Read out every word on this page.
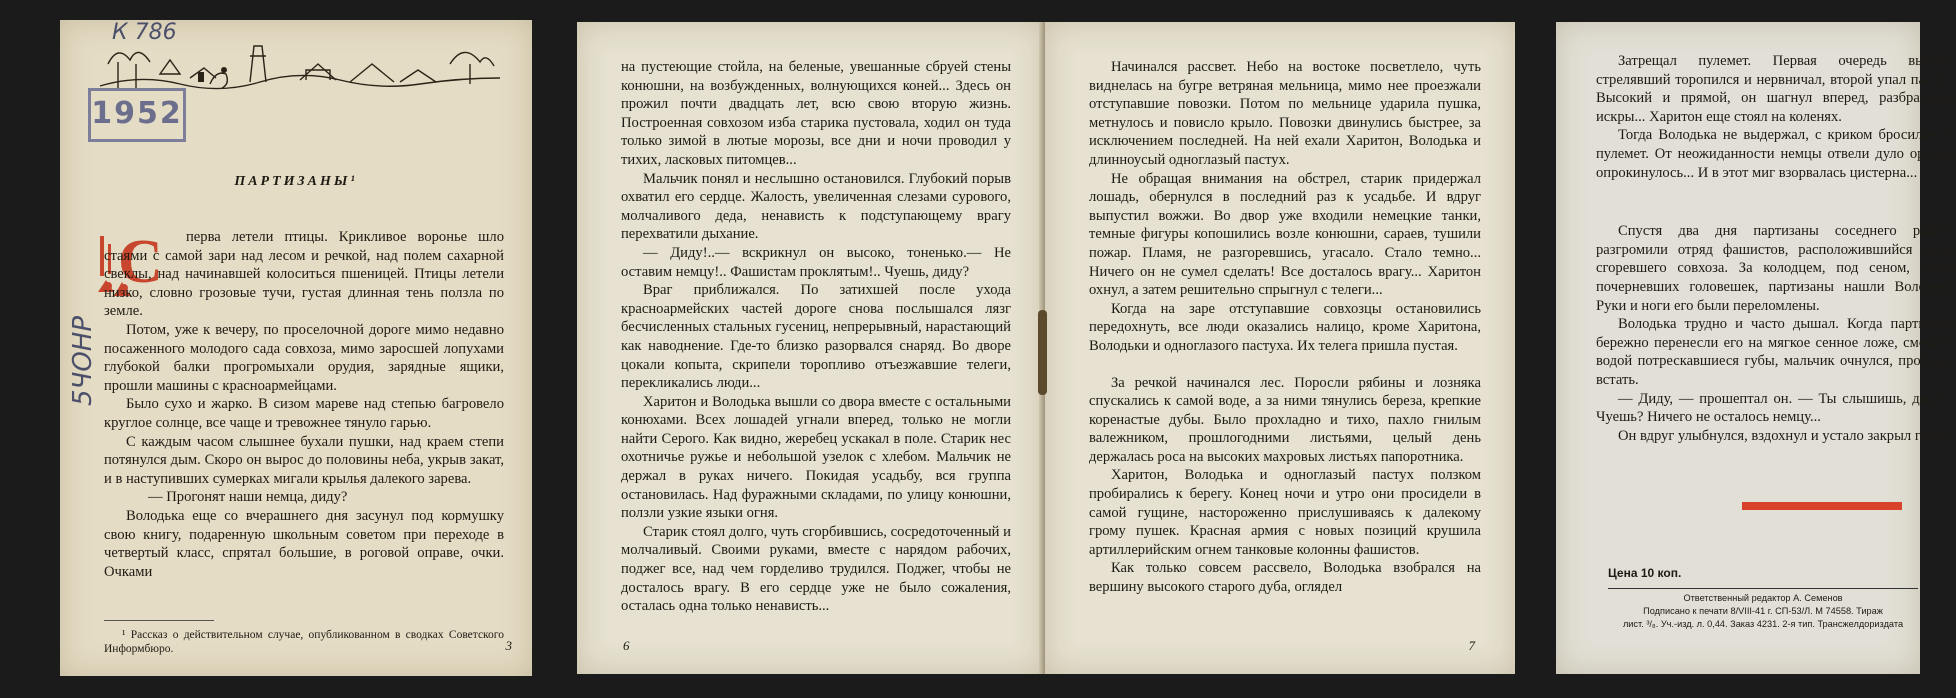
К 786
1952
ПАРТИЗАНЫ¹
С
5ЧОНР

перва летели птицы. Крикливое воронье шло стаями с самой зари над лесом и речкой, над полем сахарной свеклы, над начинавшей колоситься пшеницей. Птицы летели низко, словно грозовые тучи, густая длинная тень ползла по земле.

Потом, уже к вечеру, по проселочной дороге мимо недавно посаженного молодого сада совхоза, мимо заросшей лопухами глубокой балки прогромыхали орудия, зарядные ящики, прошли машины с красноармейцами.

Было сухо и жарко. В сизом мареве над степью багровело круглое солнце, все чаще и тревожнее тянуло гарью.

С каждым часом слышнее бухали пушки, над краем степи потянулся дым. Скоро он вырос до половины неба, укрыв закат, и в наступивших сумерках мигали крылья далекого зарева.

— Прогонят наши немца, диду?

Володька еще со вчерашнего дня засунул под кормушку свою книгу, подаренную школьным советом при переходе в четвертый класс, спрятал большие, в роговой оправе, очки. Очками

¹ Рассказ о действительном случае, опубликованном в сводках Советского Информбюро.	3

на пустеющие стойла, на беленые, увешанные сбруей стены конюшни, на возбужденных, волнующихся коней... Здесь он прожил почти двадцать лет, всю свою вторую жизнь. Построенная совхозом изба старика пустовала, ходил он туда только зимой в лютые морозы, все дни и ночи проводил у тихих, ласковых питомцев...

Мальчик понял и неслышно остановился. Глубокий порыв охватил его сердце. Жалость, увеличенная слезами сурового, молчаливого деда, ненависть к подступающему врагу перехватили дыхание.

— Диду!..— вскрикнул он высоко, тоненько.— Не оставим немцу!.. Фашистам проклятым!.. Чуешь, диду?

Враг приближался. По затихшей после ухода красноармейских частей дороге снова послышался лязг бесчисленных стальных гусениц, непрерывный, нарастающий как наводнение. Где-то близко разорвался снаряд. Во дворе цокали копыта, скрипели торопливо отъезжавшие телеги, перекликались люди...

Харитон и Володька вышли со двора вместе с остальными конюхами. Всех лошадей угнали вперед, только не могли найти Серого. Как видно, жеребец ускакал в поле. Старик нес охотничье ружье и небольшой узелок с хлебом. Мальчик не держал в руках ничего. Покидая усадьбу, вся группа остановилась. Над фуражными складами, по улицу конюшни, ползли узкие языки огня.

Старик стоял долго, чуть сгорбившись, сосредоточенный и молчаливый. Своими руками, вместе с нарядом рабочих, поджег все, над чем горделиво трудился. Поджег, чтобы не досталось врагу. В его сердце уже не было сожаления, осталась одна только ненависть...

6

Начинался рассвет. Небо на востоке посветлело, чуть виднелась на бугре ветряная мельница, мимо нее проезжали отступавшие повозки. Потом по мельнице ударила пушка, метнулось и повисло крыло. Повозки двинулись быстрее, за исключением последней. На ней ехали Харитон, Володька и длинноусый одноглазый пастух.

Не обращая внимания на обстрел, старик придержал лошадь, обернулся в последний раз к усадьбе. И вдруг выпустил вожжи. Во двор уже входили немецкие танки, темные фигуры копошились возле конюшни, сараев, тушили пожар. Пламя, не разгоревшись, угасало. Стало темно... Ничего он не сумел сделать! Все досталось врагу... Харитон охнул, а затем решительно спрыгнул с телеги...

Когда на заре отступавшие совхозцы остановились передохнуть, все люди оказались налицо, кроме Харитона, Володьки и одноглазого пастуха. Их телега пришла пустая.

За речкой начинался лес. Поросли рябины и лозняка спускались к самой воде, а за ними тянулись береза, крепкие коренастые дубы. Было прохладно и тихо, пахло гнилым валежником, прошлогодними листьями, целый день держалась роса на высоких махровых листьях папоротника.

Харитон, Володька и одноглазый пастух ползком пробирались к берегу. Конец ночи и утро они просидели в самой гущине, настороженно прислушиваясь к далекому грому пушек. Красная армия с новых позиций крушила артиллерийским огнем танковые колонны фашистов.

Как только совсем рассвело, Володька взобрался на вершину высокого старого дуба, оглядел

7

Затрещал пулемет. Первая очередь высоко, стрелявший торопился и нервничал, второй упал пастух. Высокий и прямой, он шагнул вперед, разбрасывая искры... Харитон еще стоял на коленях.

Тогда Володька не выдержал, с криком бросился на пулемет. От неожиданности немцы отвели дуло оружия опрокинулось... И в этот миг взорвалась цистерна...

Спустя два дня партизаны соседнего района разгромили отряд фашистов, расположившийся возле сгоревшего совхоза. За колодцем, под сеном, среди почерневших головешек, партизаны нашли Володьку. Руки и ноги его были переломлены.

Володька трудно и часто дышал. Когда партизаны бережно перенесли его на мягкое сенное ложе, смочили водой потрескавшиеся губы, мальчик очнулся, пробовал встать.

— Диду, — прошептал он. — Ты слышишь, диду?.. Чуешь? Ничего не осталось немцу...

Он вдруг улыбнулся, вздохнул и устало закрыл глаза.

Цена 10 коп.
Ответственный редактор А. Семенов
Подписано к печати 8/VIII-41 г. СП-53/Л. М 74558. Тираж
лист. ³/₈. Уч.-изд. л. 0,44. Заказ 4231. 2-я тип. Трансжелдориздата
